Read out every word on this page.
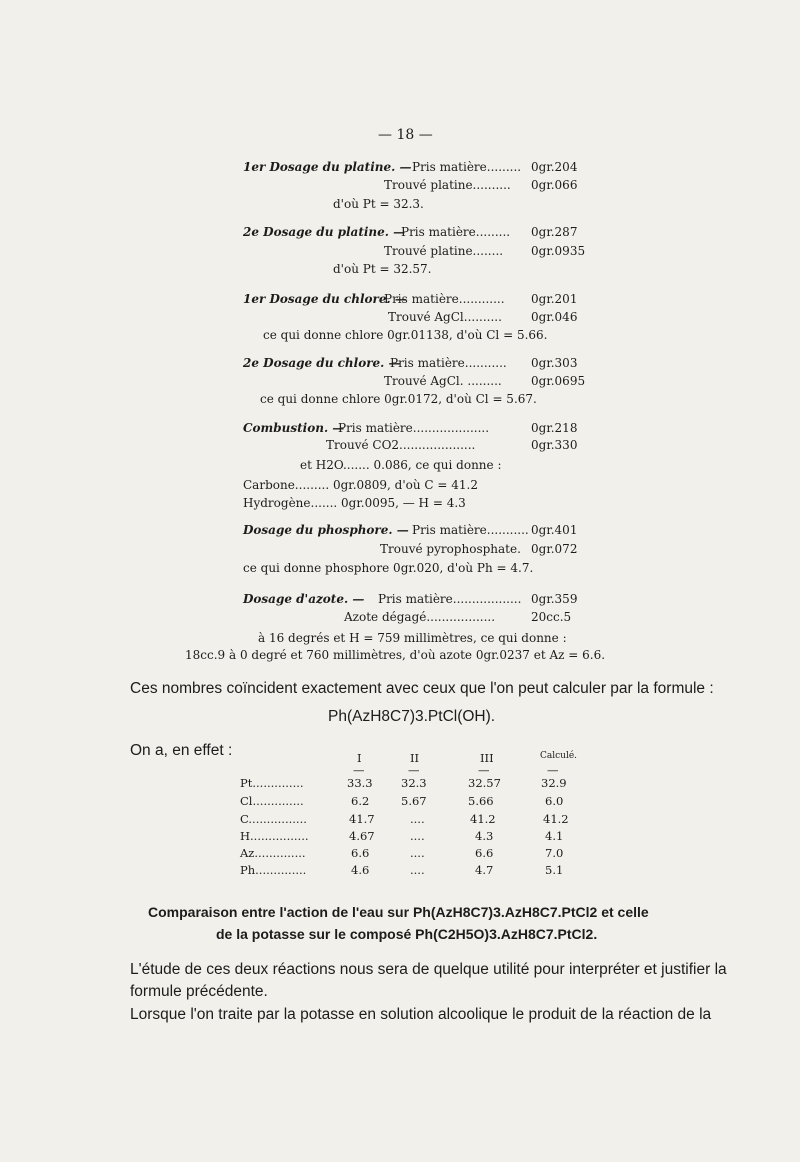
— 18 —
1er Dosage du platine. — Pris matière......... 0gr.204
Trouvé platine.......... 0gr.066
d'où Pt = 32.3.
2e Dosage du platine. —
Pris matière......... 0gr.287
Trouvé platine........ 0gr.0935
d'où Pt = 32.57.
1er Dosage du chlore. —
Pris matière............ 0gr.201
Trouvé AgCl.......... 0gr.046
ce qui donne chlore 0gr.01138, d'où Cl = 5.66.
2e Dosage du chlore. —
Pris matière........... 0gr.303
Trouvé AgCl. ......... 0gr.0695
ce qui donne chlore 0gr.0172, d'où Cl = 5.67.
Combustion. —
Pris matière....................	0gr.218
Trouvé CO2....................	0gr.330
et H2O....... 0.086, ce qui donne :
Carbone......... 0gr.0809, d'où C = 41.2
Hydrogène....... 0gr.0095, — H = 4.3
Dosage du phosphore. — Pris matière........... 0gr.401
Trouvé pyrophosphate. 0gr.072
ce qui donne phosphore 0gr.020, d'où Ph = 4.7.
Dosage d'azote. — Pris matière.................. 0gr.359
Azote dégagé..................	20cc.5
à 16 degrés et H = 759 millimètres, ce qui donne :
18cc.9 à 0 degré et 760 millimètres, d'où azote 0gr.0237 et Az = 6.6.
Ces nombres coïncident exactement avec ceux que l'on peut calculer par la formule :
Ph(AzH8C7)3.PtCl(OH).
On a, en effet :	I	II	III	Calculé.
—	—	—	—
Pt..............	33.3 32.3	32.57	32.9
Cl..............	6.2	5.67	5.66	6.0
C................	41.7	....	41.2	41.2
H................	4.67	....	4.3	4.1
Az..............	6.6	....	6.6	7.0
Ph..............	4.6	....	4.7	5.1
Comparaison entre l'action de l'eau sur Ph(AzH8C7)3.AzH8C7.PtCl2 et celle
de la potasse sur le composé Ph(C2H5O)3.AzH8C7.PtCl2.
L'étude de ces deux réactions nous sera de quelque utilité pour interpréter et justifier la
formule précédente.
Lorsque l'on traite par la potasse en solution alcoolique le produit de la réaction de la
